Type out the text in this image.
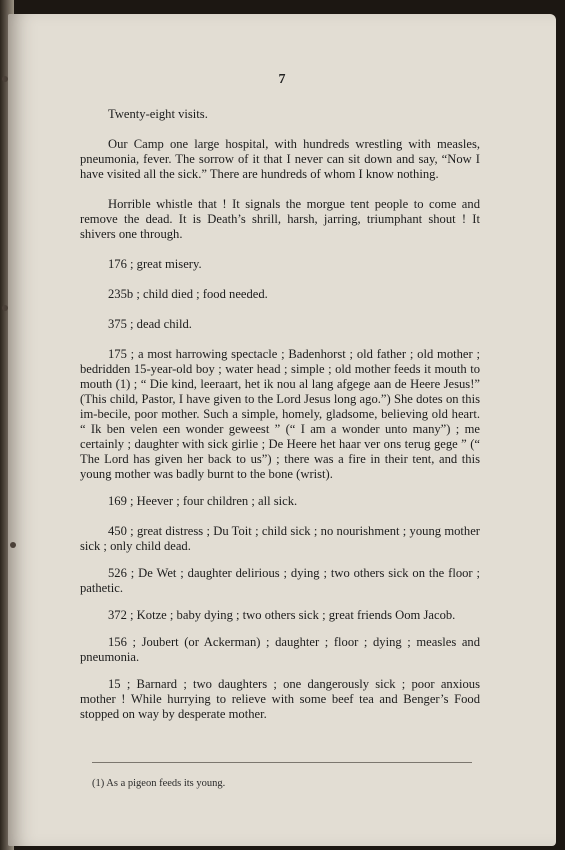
7

Twenty-eight visits.

Our Camp one large hospital, with hundreds wrestling with measles, pneumonia, fever. The sorrow of it that I never can sit down and say, “Now I have visited all the sick.” There are hundreds of whom I know nothing.

Horrible whistle that ! It signals the morgue tent people to come and remove the dead. It is Death’s shrill, harsh, jarring, triumphant shout ! It shivers one through.

176 ; great misery.

235b ; child died ; food needed.

375 ; dead child.

175 ; a most harrowing spectacle ; Badenhorst ; old father ; old mother ; bedridden 15-year-old boy ; water head ; simple ; old mother feeds it mouth to mouth (1) ; “ Die kind, leeraart, het ik nou al lang afgege aan de Heere Jesus!” (This child, Pastor, I have given to the Lord Jesus long ago.”) She dotes on this im-becile, poor mother. Such a simple, homely, gladsome, believing old heart. “ Ik ben velen een wonder geweest ” (“ I am a wonder unto many”) ; me certainly ; daughter with sick girlie ; De Heere het haar ver ons terug gege ” (“ The Lord has given her back to us”) ; there was a fire in their tent, and this young mother was badly burnt to the bone (wrist).

169 ; Heever ; four children ; all sick.

450 ; great distress ; Du Toit ; child sick ; no nourishment ; young mother sick ; only child dead.

526 ; De Wet ; daughter delirious ; dying ; two others sick on the floor ; pathetic.

372 ; Kotze ; baby dying ; two others sick ; great friends Oom Jacob.

156 ; Joubert (or Ackerman) ; daughter ; floor ; dying ; measles and pneumonia.

15 ; Barnard ; two daughters ; one dangerously sick ; poor anxious mother ! While hurrying to relieve with some beef tea and Benger’s Food stopped on way by desperate mother.

(1) As a pigeon feeds its young.
